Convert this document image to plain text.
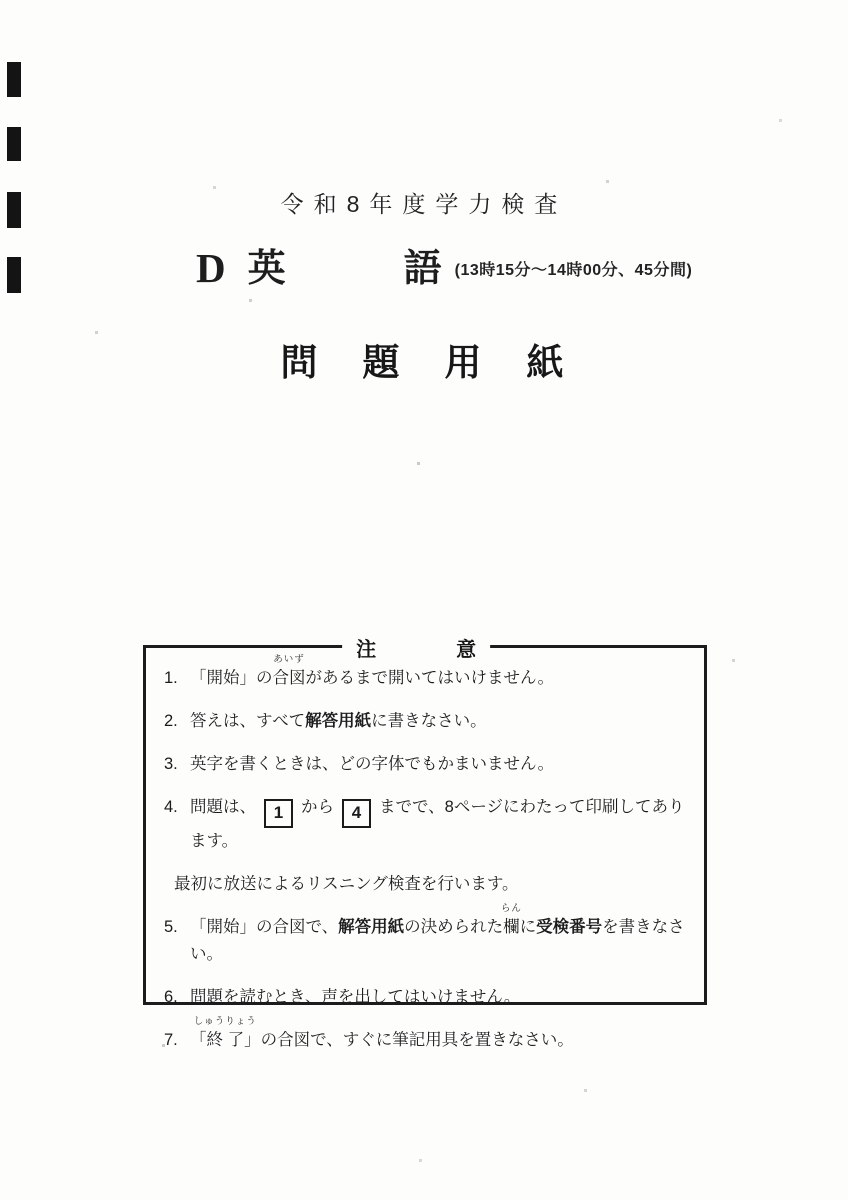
令和8年度学力検査
D 英　　　語 (13時15分～14時00分、45分間)
問　題　用　紙
注　　　　意
1. 「開始」の合図
あいず
があるまで開いてはいけません。
2. 答えは、すべて解答用紙に書きなさい。
3. 英字を書くときは、どの字体でもかまいません。
4. 問題は、 1 から 4 までで、8ページにわたって印刷してあります。
最初に放送によるリスニング検査を行います。
5. 「開始」の合図で、解答用紙の決められた欄
らん
に受検番号を書きなさい。
6. 問題を読むとき、声を出してはいけません。
7. 「終 了
しゅうりょう
」の合図で、すぐに筆記用具を置きなさい。
